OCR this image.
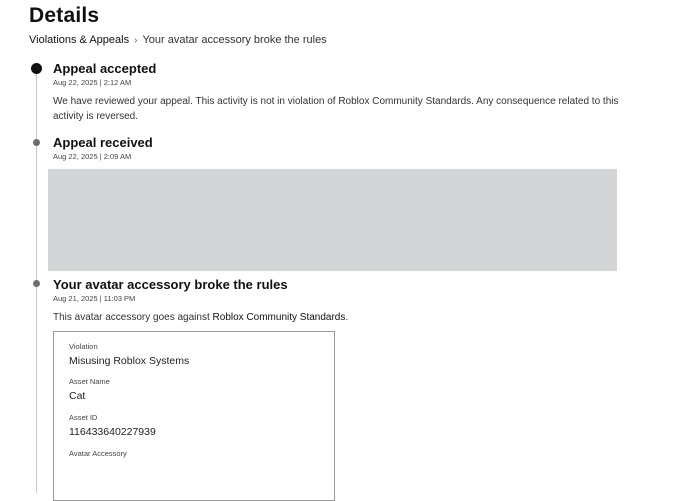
Details
Violations & Appeals › Your avatar accessory broke the rules
Appeal accepted
Aug 22, 2025 | 2:12 AM
We have reviewed your appeal. This activity is not in violation of Roblox Community Standards. Any consequence related to this activity is reversed.
Appeal received
Aug 22, 2025 | 2:09 AM
Your avatar accessory broke the rules
Aug 21, 2025 | 11:03 PM
This avatar accessory goes against Roblox Community Standards.
Violation
Misusing Roblox Systems
Asset Name
Cat
Asset ID
116433640227939
Avatar Accessory
